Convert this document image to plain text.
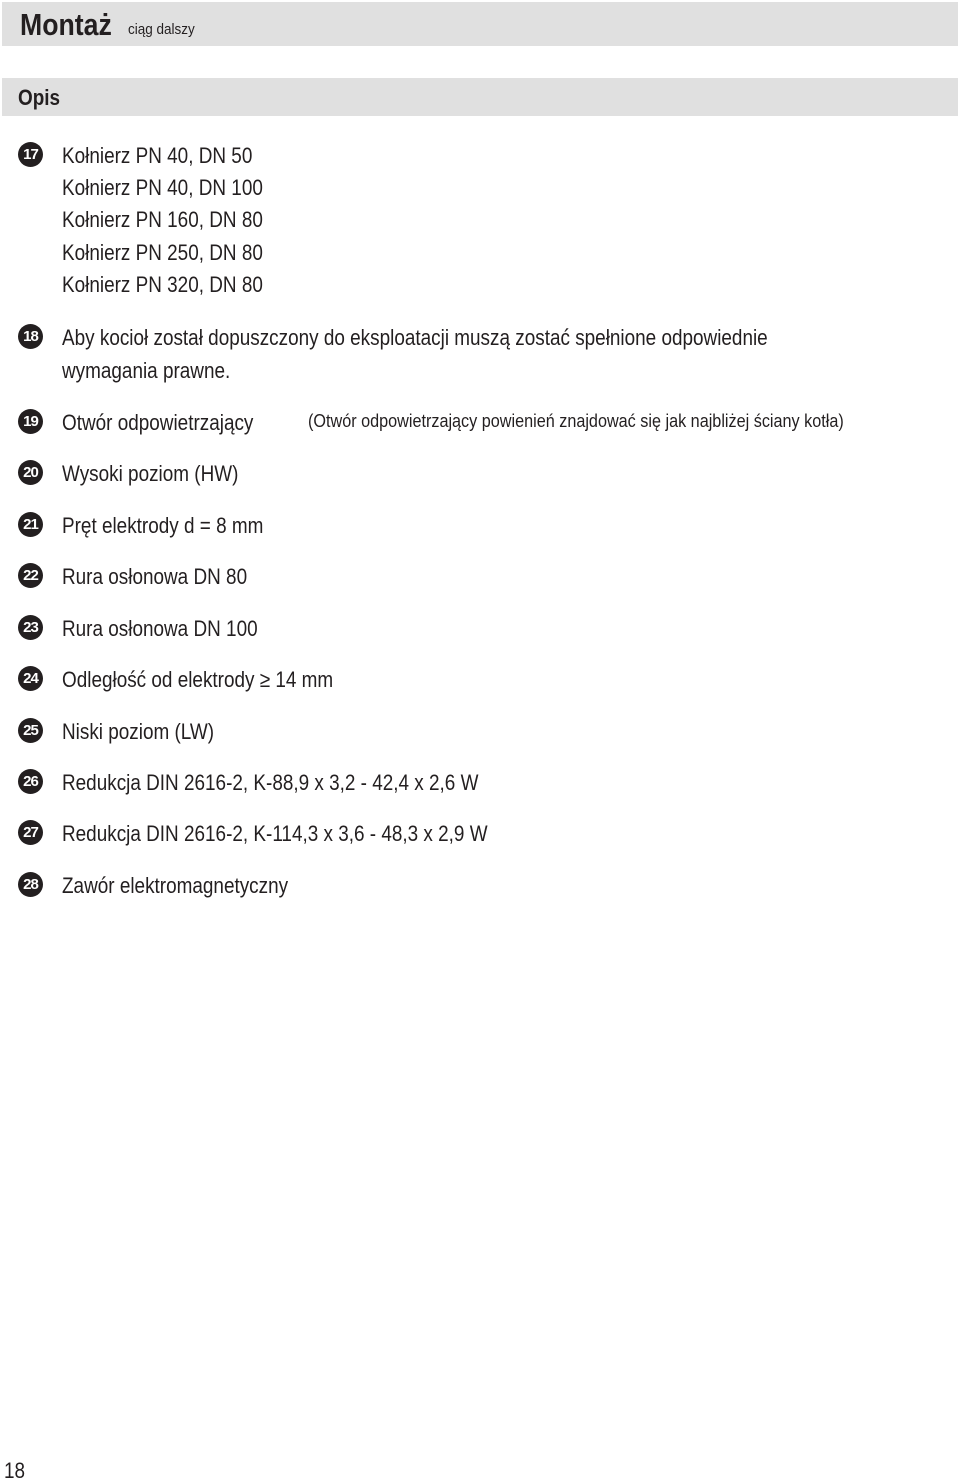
Montaż ciąg dalszy
Opis
17 Kołnierz PN 40, DN 50
Kołnierz PN 40, DN 100
Kołnierz PN 160, DN 80
Kołnierz PN 250, DN 80
Kołnierz PN 320, DN 80
18 Aby kocioł został dopuszczony do eksploatacji muszą zostać spełnione odpowiednie
wymagania prawne.
19 Otwór odpowietrzający	(Otwór odpowietrzający powienień znajdować się jak najbliżej ściany kotła)
20 Wysoki poziom (HW)
21 Pręt elektrody d = 8 mm
22 Rura osłonowa DN 80
23 Rura osłonowa DN 100
24 Odległość od elektrody ≥ 14 mm
25 Niski poziom (LW)
26 Redukcja DIN 2616-2, K-88,9 x 3,2 - 42,4 x 2,6 W
27 Redukcja DIN 2616-2, K-114,3 x 3,6 - 48,3 x 2,9 W
28 Zawór elektromagnetyczny
18
